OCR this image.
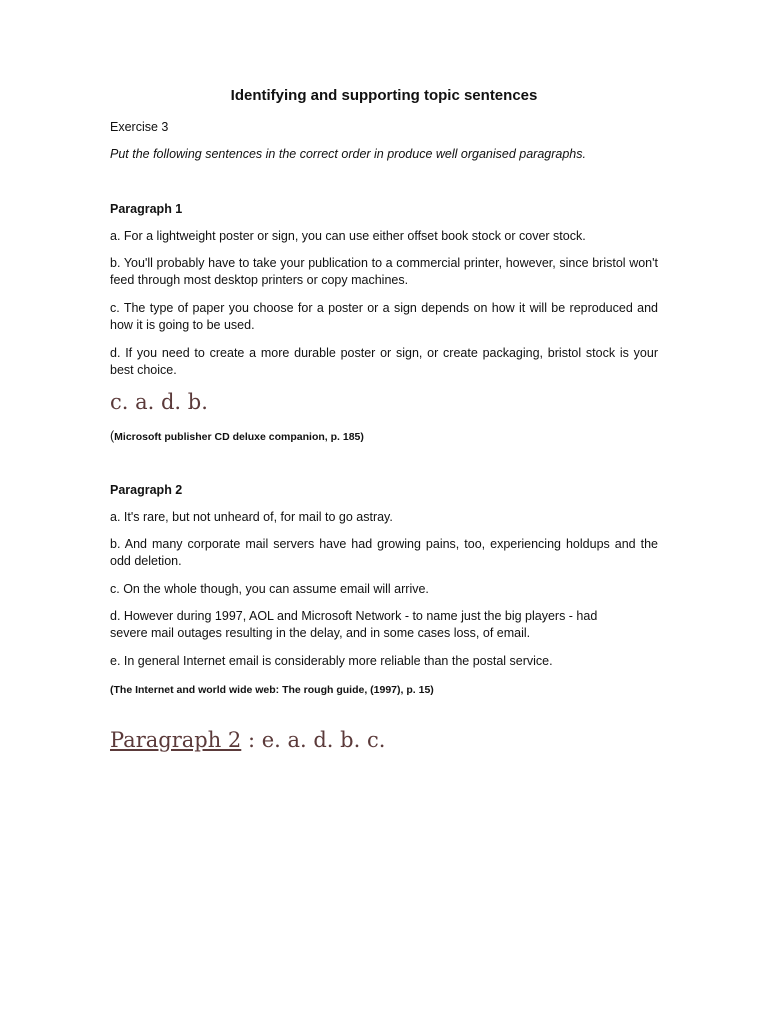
Identifying and supporting topic sentences
Exercise 3
Put the following sentences in the correct order in produce well organised paragraphs.
Paragraph 1
a. For a lightweight poster or sign, you can use either offset book stock or cover stock.
b. You'll probably have to take your publication to a commercial printer, however, since bristol won't feed through most desktop printers or copy machines.
c. The type of paper you choose for a poster or a sign depends on how it will be reproduced and how it is going to be used.
d. If you need to create a more durable poster or sign, or create packaging, bristol stock is your best choice.
c. a. d. b.
(Microsoft publisher CD deluxe companion, p. 185)
Paragraph 2
a. It's rare, but not unheard of, for mail to go astray.
b. And many corporate mail servers have had growing pains, too, experiencing holdups and the odd deletion.
c. On the whole though, you can assume email will arrive.
d. However during 1997, AOL and Microsoft Network - to name just the big players - had severe mail outages resulting in the delay, and in some cases loss, of email.
e. In general Internet email is considerably more reliable than the postal service.
(The Internet and world wide web: The rough guide, (1997), p. 15)
Paragraph 2 : e. a. d. b. c.
